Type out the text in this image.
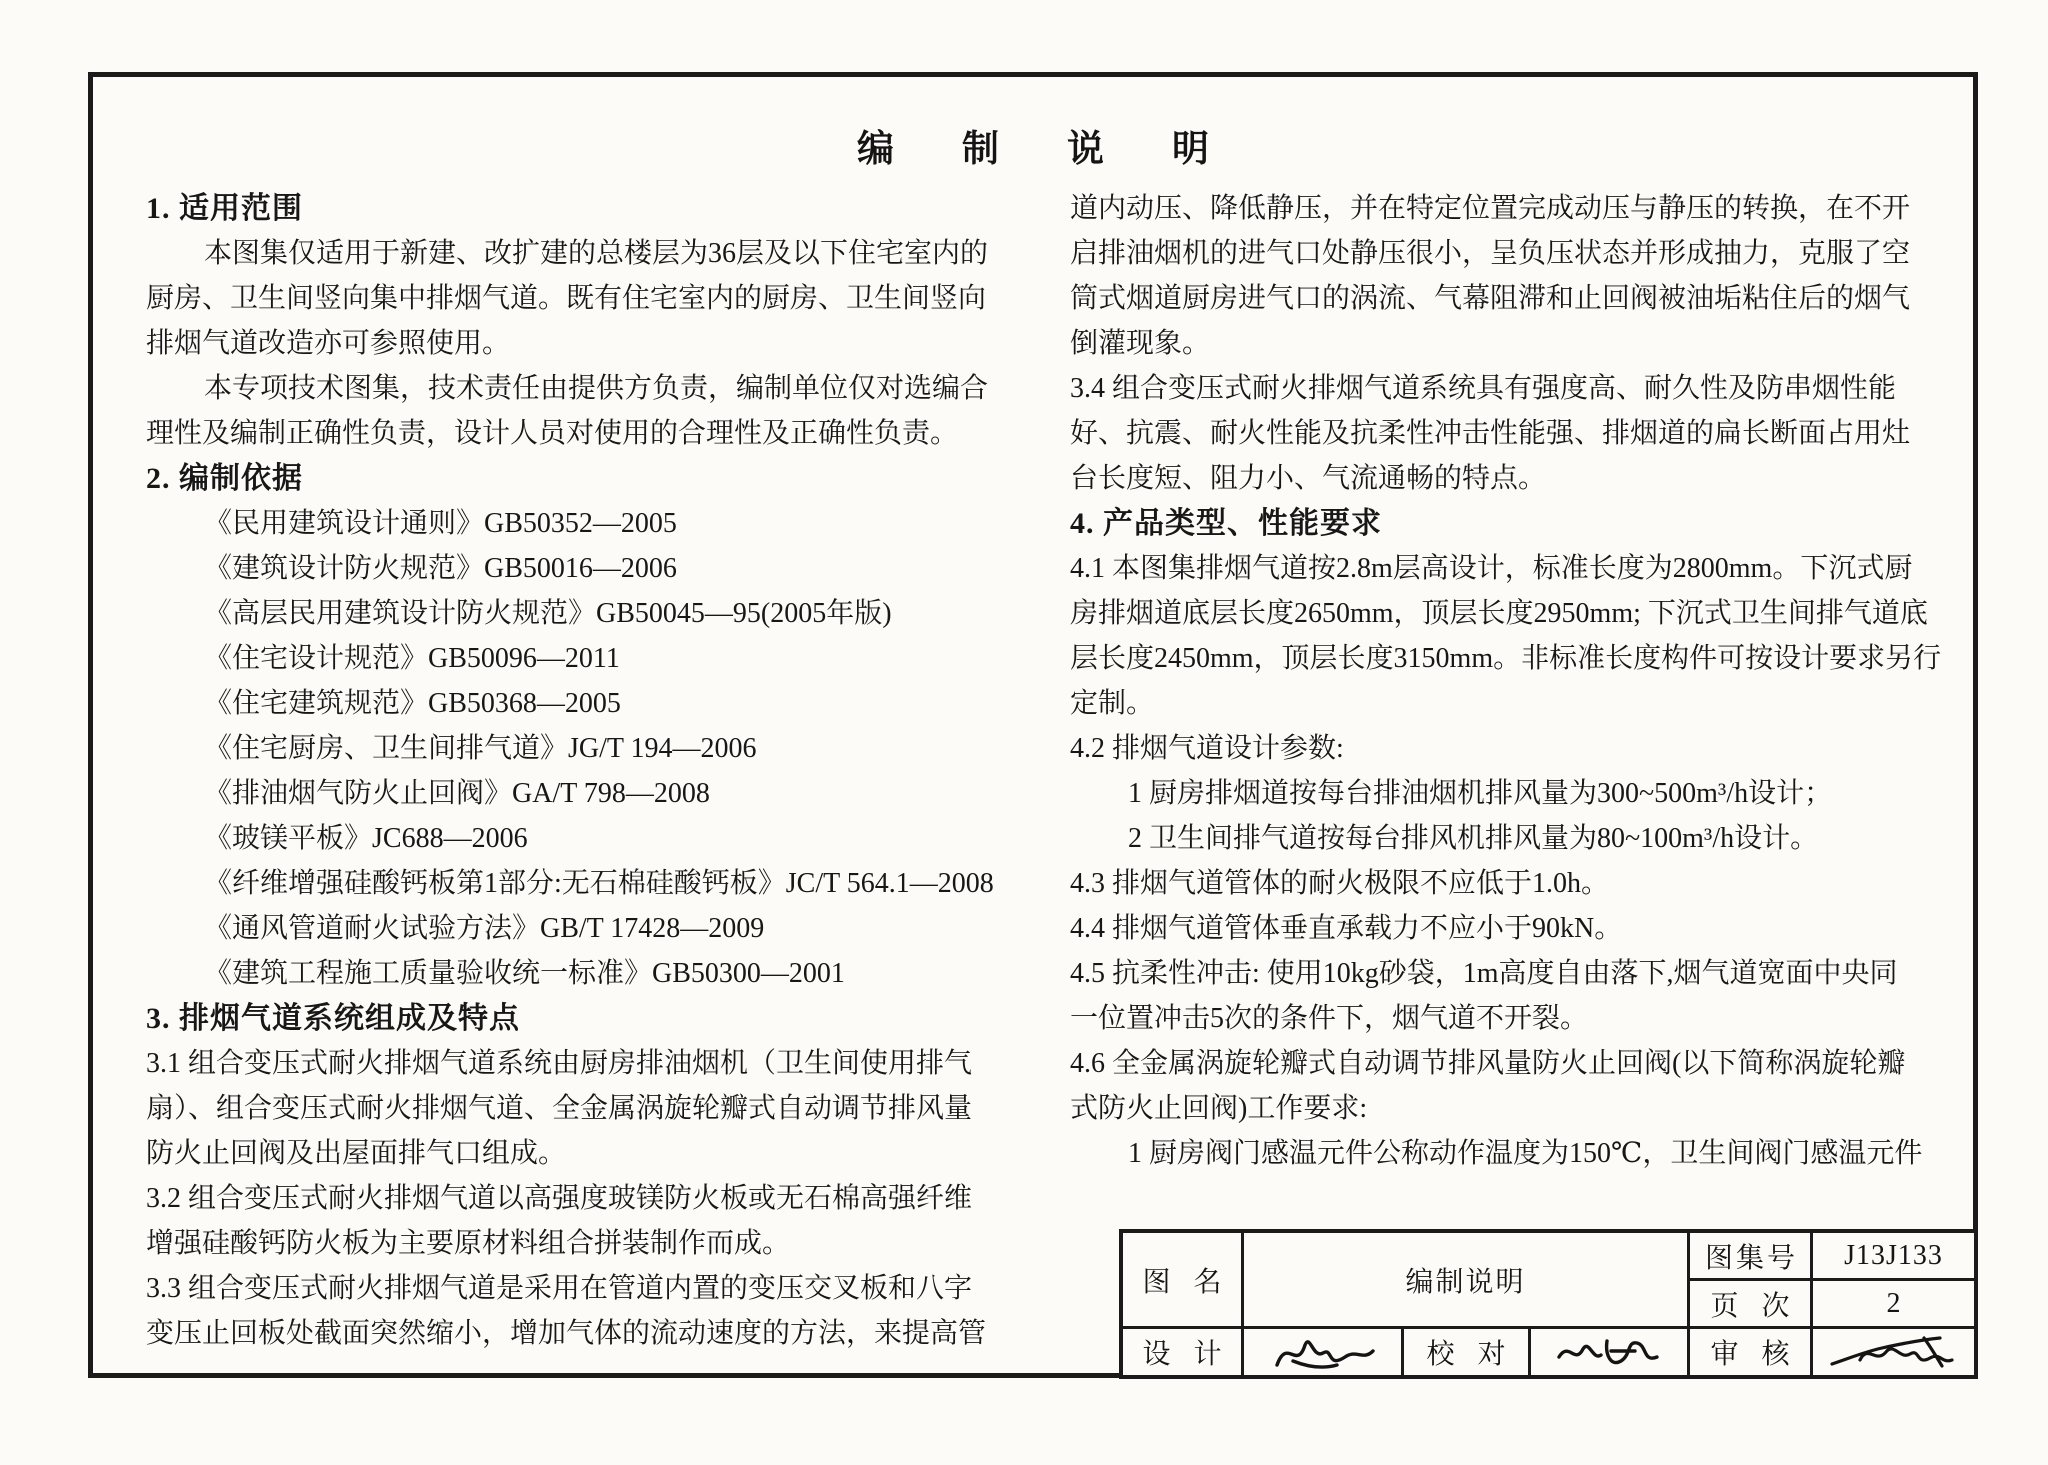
编制说明
1. 适用范围
本图集仅适用于新建、改扩建的总楼层为36层及以下住宅室内的
厨房、卫生间竖向集中排烟气道。既有住宅室内的厨房、卫生间竖向
排烟气道改造亦可参照使用。
本专项技术图集，技术责任由提供方负责，编制单位仅对选编合
理性及编制正确性负责，设计人员对使用的合理性及正确性负责。
2. 编制依据
《民用建筑设计通则》GB50352—2005
《建筑设计防火规范》GB50016—2006
《高层民用建筑设计防火规范》GB50045—95(2005年版)
《住宅设计规范》GB50096—2011
《住宅建筑规范》GB50368—2005
《住宅厨房、卫生间排气道》JG/T 194—2006
《排油烟气防火止回阀》GA/T 798—2008
《玻镁平板》JC688—2006
《纤维增强硅酸钙板第1部分:无石棉硅酸钙板》JC/T 564.1—2008
《通风管道耐火试验方法》GB/T 17428—2009
《建筑工程施工质量验收统一标准》GB50300—2001
3. 排烟气道系统组成及特点
3.1 组合变压式耐火排烟气道系统由厨房排油烟机（卫生间使用排气
扇）、组合变压式耐火排烟气道、全金属涡旋轮瓣式自动调节排风量
防火止回阀及出屋面排气口组成。
3.2 组合变压式耐火排烟气道以高强度玻镁防火板或无石棉高强纤维
增强硅酸钙防火板为主要原材料组合拼装制作而成。
3.3 组合变压式耐火排烟气道是采用在管道内置的变压交叉板和八字
变压止回板处截面突然缩小，增加气体的流动速度的方法，来提高管
道内动压、降低静压，并在特定位置完成动压与静压的转换，在不开
启排油烟机的进气口处静压很小，呈负压状态并形成抽力，克服了空
筒式烟道厨房进气口的涡流、气幕阻滞和止回阀被油垢粘住后的烟气
倒灌现象。
3.4 组合变压式耐火排烟气道系统具有强度高、耐久性及防串烟性能
好、抗震、耐火性能及抗柔性冲击性能强、排烟道的扁长断面占用灶
台长度短、阻力小、气流通畅的特点。
4. 产品类型、性能要求
4.1 本图集排烟气道按2.8m层高设计，标准长度为2800mm。下沉式厨
房排烟道底层长度2650mm，顶层长度2950mm; 下沉式卫生间排气道底
层长度2450mm，顶层长度3150mm。非标准长度构件可按设计要求另行
定制。
4.2 排烟气道设计参数:
1 厨房排烟道按每台排油烟机排风量为300~500m³/h设计；
2 卫生间排气道按每台排风机排风量为80~100m³/h设计。
4.3 排烟气道管体的耐火极限不应低于1.0h。
4.4 排烟气道管体垂直承载力不应小于90kN。
4.5 抗柔性冲击: 使用10kg砂袋，1m高度自由落下,烟气道宽面中央同
一位置冲击5次的条件下，烟气道不开裂。
4.6 全金属涡旋轮瓣式自动调节排风量防火止回阀(以下简称涡旋轮瓣
式防火止回阀)工作要求:
1 厨房阀门感温元件公称动作温度为150℃，卫生间阀门感温元件
图 名	编制说明
图集号	J13J133
页 次	2
设 计	校 对	审 核
